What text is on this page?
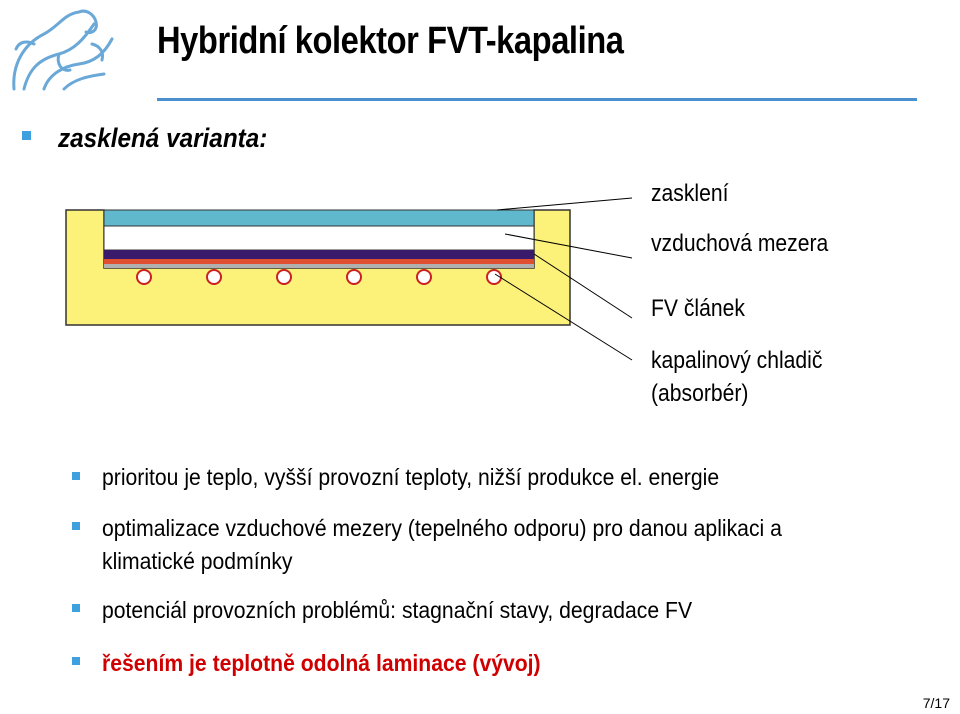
Hybridní kolektor FVT-kapalina
zasklená varianta:
zasklení
vzduchová mezera
FV článek
kapalinový chladič
(absorbér)
prioritou je teplo, vyšší provozní teploty, nižší produkce el. energie
optimalizace vzduchové mezery (tepelného odporu) pro danou aplikaci a
klimatické podmínky
potenciál provozních problémů: stagnační stavy, degradace FV
řešením je teplotně odolná laminace (vývoj)
7/17
